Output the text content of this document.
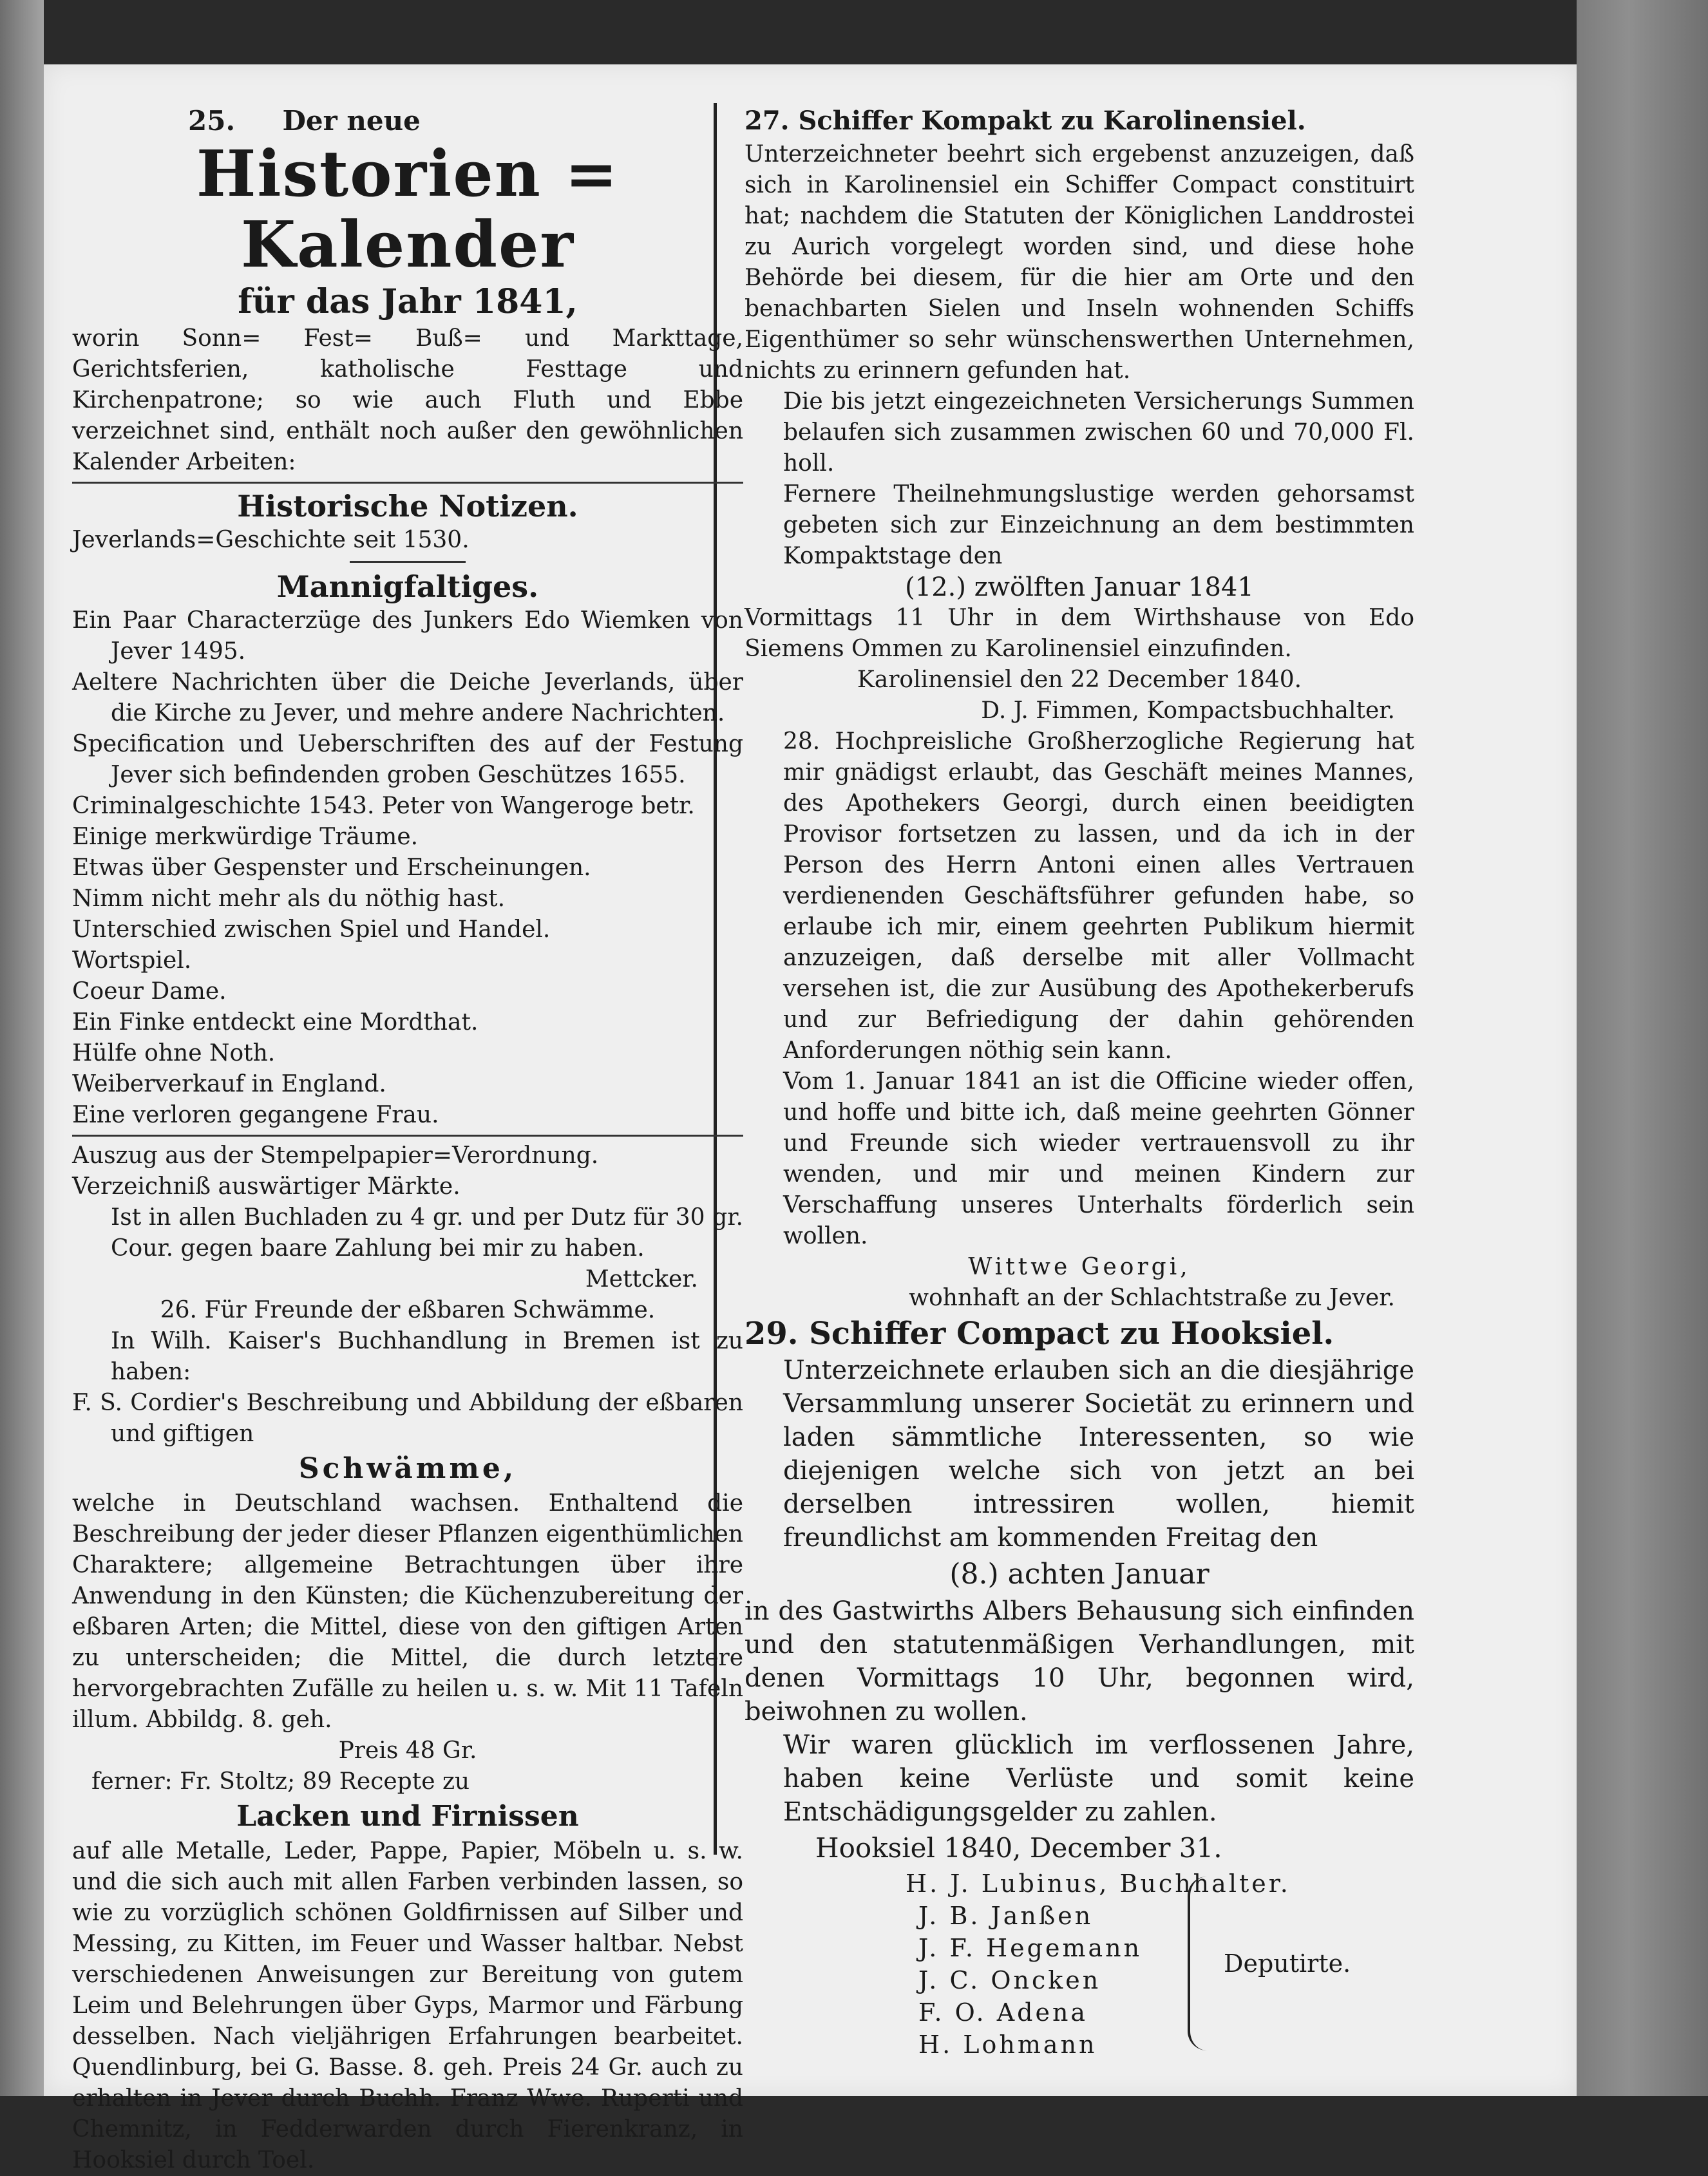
25. Der neue

Historien = Kalender

für das Jahr 1841,

worin Sonn= Fest= Buß= und Markttage, Gerichtsferien, katholische Festtage und Kirchenpatrone; so wie auch Fluth und Ebbe verzeichnet sind, enthält noch außer den gewöhnlichen Kalender Arbeiten:

Historische Notizen.

Jeverlands=Geschichte seit 1530.

Mannigfaltiges.

Ein Paar Characterzüge des Junkers Edo Wiemken von Jever 1495.

Aeltere Nachrichten über die Deiche Jeverlands, über die Kirche zu Jever, und mehre andere Nachrichten.

Specification und Ueberschriften des auf der Festung Jever sich befindenden groben Geschützes 1655.

Criminalgeschichte 1543. Peter von Wangeroge betr.

Einige merkwürdige Träume.

Etwas über Gespenster und Erscheinungen.

Nimm nicht mehr als du nöthig hast.

Unterschied zwischen Spiel und Handel.

Wortspiel.

Coeur Dame.

Ein Finke entdeckt eine Mordthat.

Hülfe ohne Noth.

Weiberverkauf in England.

Eine verloren gegangene Frau.

Auszug aus der Stempelpapier=Verordnung.

Verzeichniß auswärtiger Märkte.

Ist in allen Buchladen zu 4 gr. und per Dutz für 30 gr. Cour. gegen baare Zahlung bei mir zu haben.

Mettcker.

26. Für Freunde der eßbaren Schwämme.

In Wilh. Kaiser's Buchhandlung in Bremen ist zu haben:

F. S. Cordier's Beschreibung und Abbildung der eßbaren und giftigen

Schwämme,

welche in Deutschland wachsen. Enthaltend die Beschreibung der jeder dieser Pflanzen eigenthümlichen Charaktere; allgemeine Betrachtungen über ihre Anwendung in den Künsten; die Küchenzubereitung der eßbaren Arten; die Mittel, diese von den giftigen Arten zu unterscheiden; die Mittel, die durch letztere hervorgebrachten Zufälle zu heilen u. s. w. Mit 11 Tafeln illum. Abbildg. 8. geh.

Preis 48 Gr.

ferner: Fr. Stoltz; 89 Recepte zu

Lacken und Firnissen

auf alle Metalle, Leder, Pappe, Papier, Möbeln u. s. w. und die sich auch mit allen Farben verbinden lassen, so wie zu vorzüglich schönen Goldfirnissen auf Silber und Messing, zu Kitten, im Feuer und Wasser haltbar. Nebst verschiedenen Anweisungen zur Bereitung von gutem Leim und Belehrungen über Gyps, Marmor und Färbung desselben. Nach vieljährigen Erfahrungen bearbeitet. Quendlinburg, bei G. Basse. 8. geh. Preis 24 Gr. auch zu erhalten in Jever durch Buchh. Franz Wwe. Ruperti und Chemnitz, in Fedderwarden durch Fierenkranz, in Hooksiel durch Toel.

27. Schiffer Kompakt zu Karolinensiel.

Unterzeichneter beehrt sich ergebenst anzuzeigen, daß sich in Karolinensiel ein Schiffer Compact constituirt hat; nachdem die Statuten der Königlichen Landdrostei zu Aurich vorgelegt worden sind, und diese hohe Behörde bei diesem, für die hier am Orte und den benachbarten Sielen und Inseln wohnenden Schiffs Eigenthümer so sehr wünschenswerthen Unternehmen, nichts zu erinnern gefunden hat.

Die bis jetzt eingezeichneten Versicherungs Summen belaufen sich zusammen zwischen 60 und 70,000 Fl. holl.

Fernere Theilnehmungslustige werden gehorsamst gebeten sich zur Einzeichnung an dem bestimmten Kompaktstage den

(12.) zwölften Januar 1841

Vormittags 11 Uhr in dem Wirthshause von Edo Siemens Ommen zu Karolinensiel einzufinden.

Karolinensiel den 22 December 1840.

D. J. Fimmen, Kompactsbuchhalter.

28. Hochpreisliche Großherzogliche Regierung hat mir gnädigst erlaubt, das Geschäft meines Mannes, des Apothekers Georgi, durch einen beeidigten Provisor fortsetzen zu lassen, und da ich in der Person des Herrn Antoni einen alles Vertrauen verdienenden Geschäftsführer gefunden habe, so erlaube ich mir, einem geehrten Publikum hiermit anzuzeigen, daß derselbe mit aller Vollmacht versehen ist, die zur Ausübung des Apothekerberufs und zur Befriedigung der dahin gehörenden Anforderungen nöthig sein kann.

Vom 1. Januar 1841 an ist die Officine wieder offen, und hoffe und bitte ich, daß meine geehrten Gönner und Freunde sich wieder vertrauensvoll zu ihr wenden, und mir und meinen Kindern zur Verschaffung unseres Unterhalts förderlich sein wollen.

Wittwe Georgi,

wohnhaft an der Schlachtstraße zu Jever.

29. Schiffer Compact zu Hooksiel.

Unterzeichnete erlauben sich an die diesjährige Versammlung unserer Societät zu erinnern und laden sämmtliche Interessenten, so wie diejenigen welche sich von jetzt an bei derselben intressiren wollen, hiemit freundlichst am kommenden Freitag den

(8.) achten Januar

in des Gastwirths Albers Behausung sich einfinden und den statutenmäßigen Verhandlungen, mit denen Vormittags 10 Uhr, begonnen wird, beiwohnen zu wollen.

Wir waren glücklich im verflossenen Jahre, haben keine Verlüste und somit keine Entschädigungsgelder zu zahlen.

Hooksiel 1840, December 31.

H. J. Lubinus, Buchhalter.

J. B. Janßen

J. F. Hegemann

J. C. Oncken

F. O. Adena

H. Lohmann

Deputirte.
